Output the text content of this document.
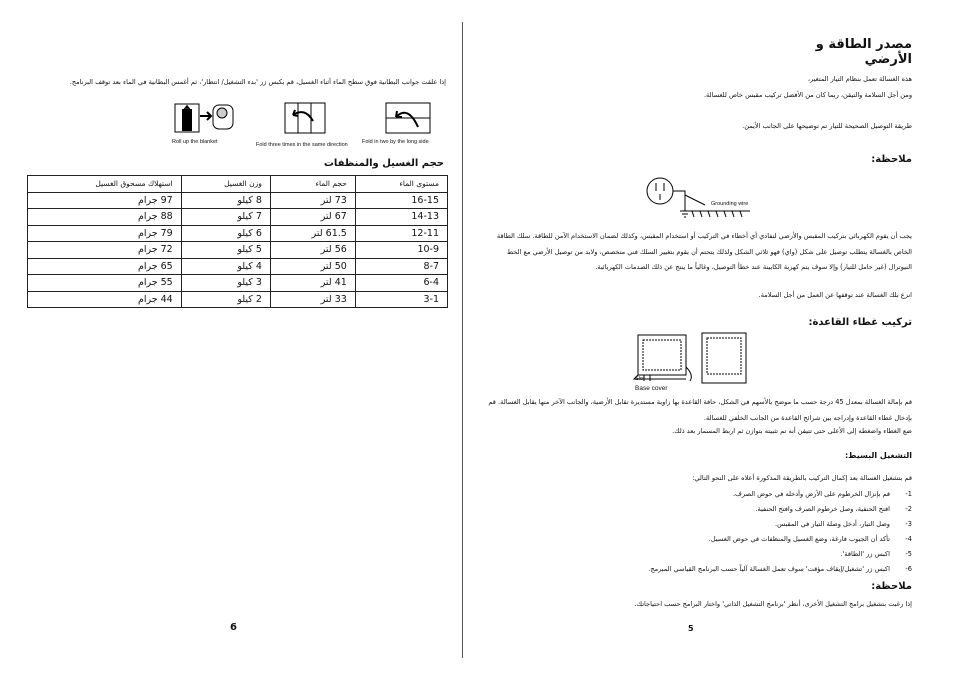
إذا علقت جوانب البطانية فوق سطح الماء أثناء الغسيل، قم بكبس زر 'بدء التشغيل/ انتظار'، ثم أغمس البطانية في الماء بعد توقف البرنامج.
Roll up the blanket	Fold three times in the same direction	Fold in two by the long side
حجم الغسيل والمنظفات
مستوى الماء	حجم الماء	وزن الغسيل	استهلاك مسحوق الغسيل
16-15	73 لتر	8 كيلو	97 جرام
14-13	67 لتر	7 كيلو	88 جرام
12-11	61.5 لتر	6 كيلو	79 جرام
10-9	56 لتر	5 كيلو	72 جرام
8-7	50 لتر	4 كيلو	65 جرام
6-4	41 لتر	3 كيلو	55 جرام
3-1	33 لتر	2 كيلو	44 جرام
6
مصدر الطاقة و الأرضي
هذه الغسالة تعمل بنظام التيار المتغير،
ومن أجل السلامة والتيقن، ربما كان من الأفضل تركيب مقبس خاص للغسالة.
طريقة التوصيل الصحيحة للتيار تم توضيحها على الجانب الأيمن.
ملاحظة:
Grounding wire
يجب أن يقوم الكهربائي بتركيب المقبس والأرضي لتفادي أي أخطاء في التركيب أو استخدام المقبس، وكذلك لضمان الاستخدام الآمن للطاقة. سلك الطاقة الخاص بالغسالة يتطلب توصيل على شكل (واي) فهو ثلاثي الشكل ولذلك يتحتم أن يقوم بتغيير السلك فني متخصص، ولابد من توصيل الأرضي مع الخط النيوترال (غير حامل للتيار) وإلا سوف يتم كهربة الكابينة عند خطأ التوصيل، وغالباً ما ينتج عن ذلك الصدمات الكهربائية.
انزع بلك الغسالة عند توقفها عن العمل من أجل السلامة.
تركيب غطاء القاعدة:
Slot
Base cover
قم بإمالة الغسالة بمعدل 45 درجة حسب ما موضح بالأسهم في الشكل، حافة القاعدة بها زاوية مستديرة تقابل الأرضية، والجانب الآخر منها يقابل الغسالة. قم بإدخال غطاء القاعدة وإدراجه بين شرائح القاعدة من الجانب الخلفي للغسالة.
ضع الغطاء واضغطه إلى الأعلى حتى تتيقن أنه تم تثبيته بتوازن ثم اربط المسمار بعد ذلك.
التشغيل البسيط:
قم بتشغيل الغسالة بعد إكمال التركيب بالطريقة المذكورة أعلاه على النحو التالي:
1-
قم بإنزال الخرطوم على الأرض وأدخله في حوض الصرف.
2-
افتح الحنفية، وصل خرطوم الصرف وافتح الحنفية.
3-
وصل التيار، أدخل وصلة التيار في المقبس.
4-
تأكد أن الجيوب فارغة، وضع الغسيل والمنظفات في حوض الغسيل.
5-
اكبس زر 'الطاقة'.
6-
اكبس زر 'تشغيل/إيقاف مؤقت' سوف تعمل الغسالة آلياً حسب البرنامج القياسي المبرمج.
ملاحظة:
إذا رغبت بتشغيل برامج التشغيل الأخرى، أنظر 'برنامج التشغيل الذاتي' واختار البرامج حسب احتياجاتك.
5
